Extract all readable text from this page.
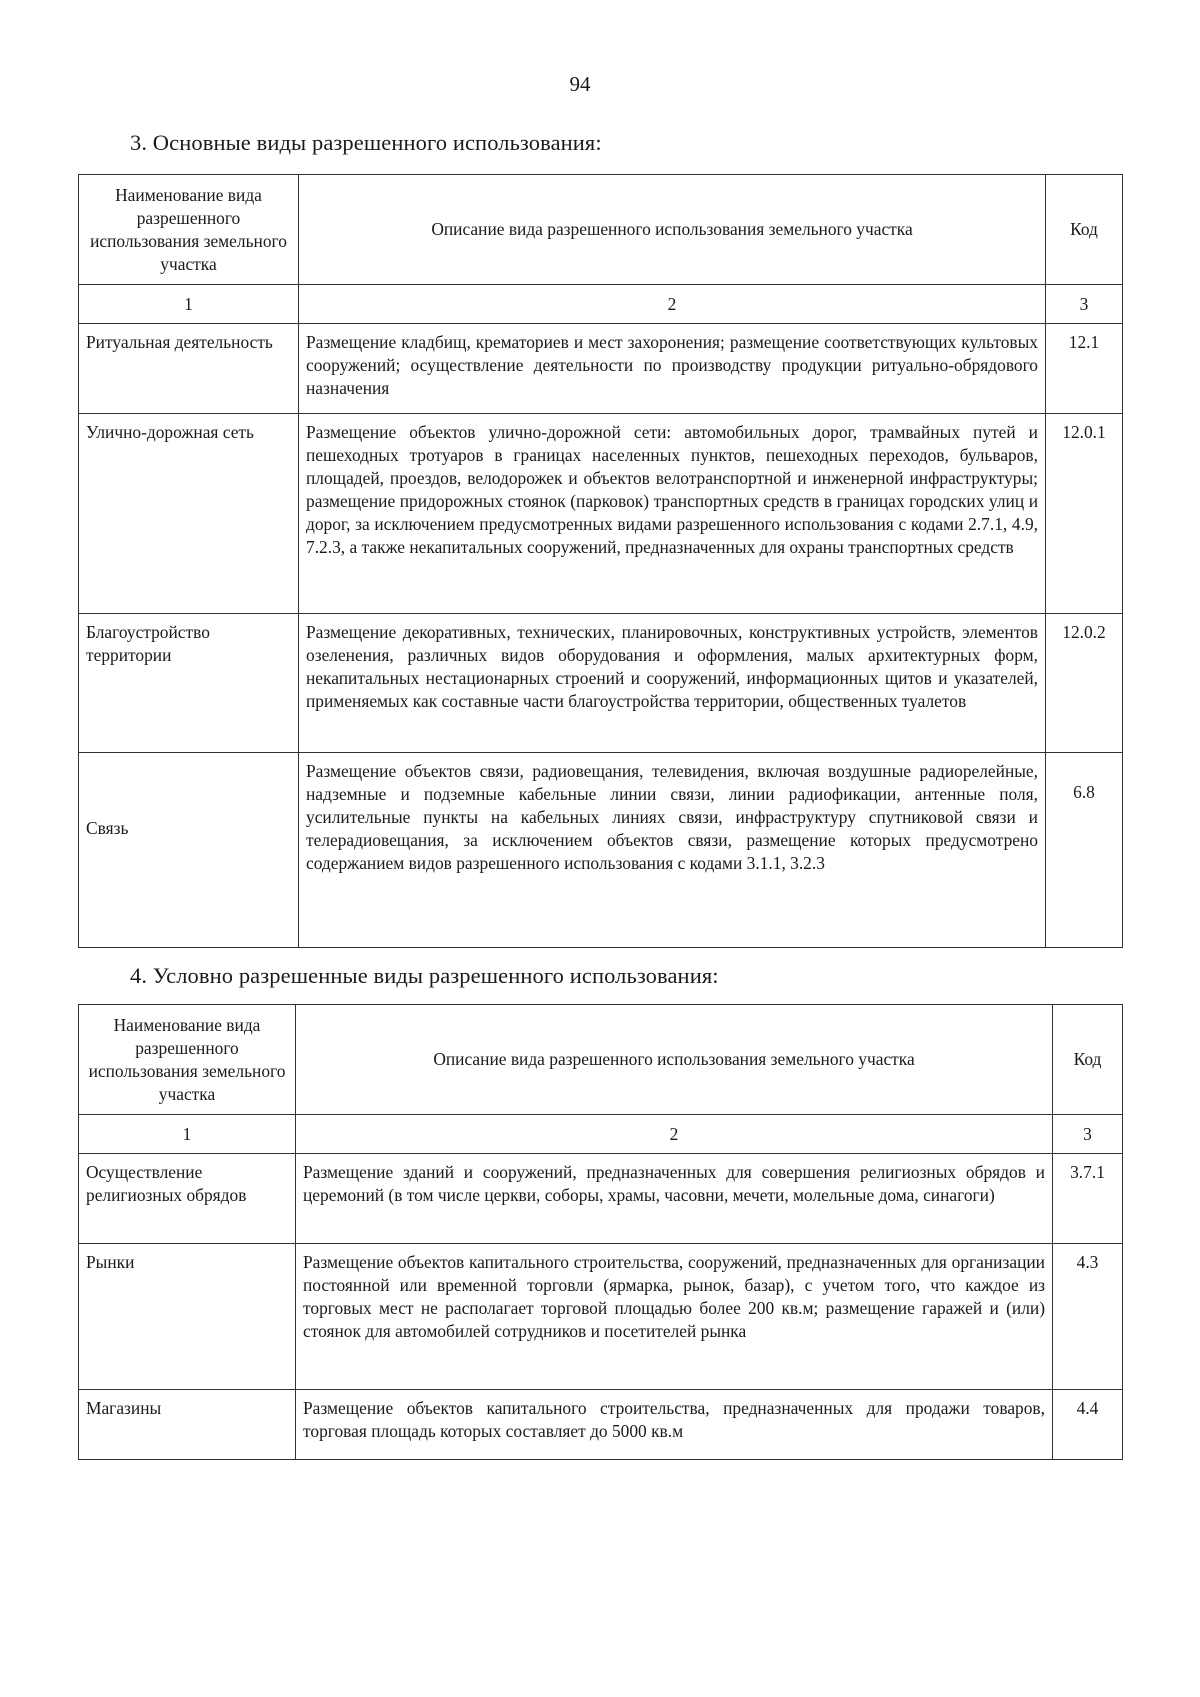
94
3. Основные виды разрешенного использования:
Наименование вида разрешенного использования земельного участка	Описание вида разрешенного использования земельного участка	Код
1	2	3
Ритуальная деятельность	Размещение кладбищ, крематориев и мест захоронения; размещение соответствующих культовых сооружений; осуществление деятельности по производству продукции ритуально-обрядового назначения	12.1
Улично-дорожная сеть	Размещение объектов улично-дорожной сети: автомобильных дорог, трамвайных путей и пешеходных тротуаров в границах населенных пунктов, пешеходных переходов, бульваров, площадей, проездов, велодорожек и объектов велотранспортной и инженерной инфраструктуры; размещение придорожных стоянок (парковок) транспортных средств в границах городских улиц и дорог, за исключением предусмотренных видами разрешенного использования с кодами 2.7.1, 4.9, 7.2.3, а также некапитальных сооружений, предназначенных для охраны транспортных средств	12.0.1
Благоустройство территории	Размещение декоративных, технических, планировочных, конструктивных устройств, элементов озеленения, различных видов оборудования и оформления, малых архитектурных форм, некапитальных нестационарных строений и сооружений, информационных щитов и указателей, применяемых как составные части благоустройства территории, общественных туалетов	12.0.2
Связь	Размещение объектов связи, радиовещания, телевидения, включая воздушные радиорелейные, надземные и подземные кабельные линии связи, линии радиофикации, антенные поля, усилительные пункты на кабельных линиях связи, инфраструктуру спутниковой связи и телерадиовещания, за исключением объектов связи, размещение которых предусмотрено содержанием видов разрешенного использования с кодами 3.1.1, 3.2.3	6.8
4. Условно разрешенные виды разрешенного использования:
Наименование вида разрешенного использования земельного участка	Описание вида разрешенного использования земельного участка	Код
1	2	3
Осуществление религиозных обрядов	Размещение зданий и сооружений, предназначенных для совершения религиозных обрядов и церемоний (в том числе церкви, соборы, храмы, часовни, мечети, молельные дома, синагоги)	3.7.1
Рынки	Размещение объектов капитального строительства, сооружений, предназначенных для организации постоянной или временной торговли (ярмарка, рынок, базар), с учетом того, что каждое из торговых мест не располагает торговой площадью более 200 кв.м; размещение гаражей и (или) стоянок для автомобилей сотрудников и посетителей рынка	4.3
Магазины	Размещение объектов капитального строительства, предназначенных для продажи товаров, торговая площадь которых составляет до 5000 кв.м	4.4
